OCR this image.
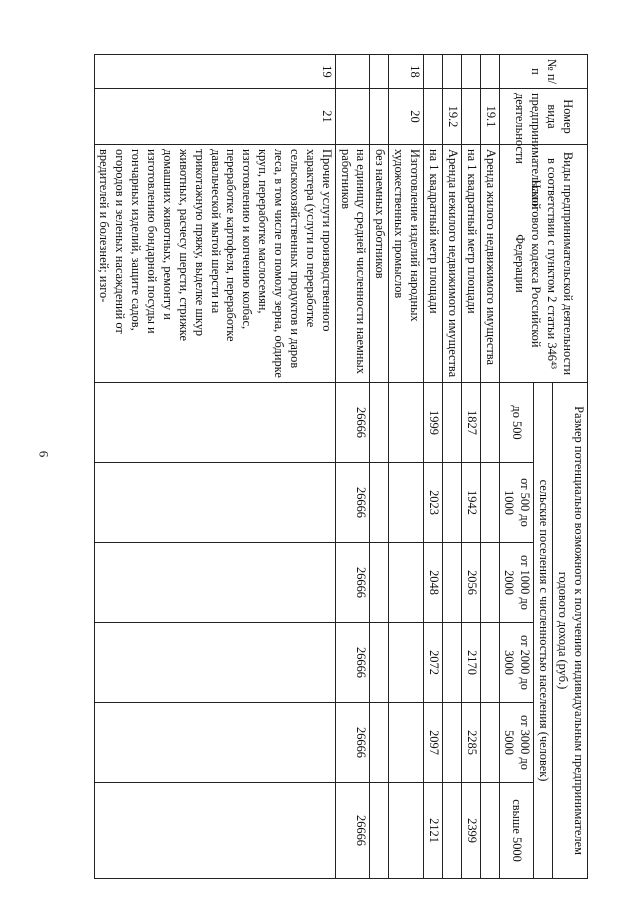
6
№ п/п	Номер вида предпринимательской деятельности	Виды предпринимательской деятельности в соответствии с пунктом 2 статьи 346⁴³ Налогового кодекса Российской Федерации	Размер потенциально возможного к получению индивидуальным предпринимателем годового дохода (руб.)					
			сельские поселения с численностью населения (человек)					
			до 500	от 500 до 1000	от 1000 до 2000	от 2000 до 3000	от 3000 до 5000	свыше 5000
	19.1	Аренда жилого недвижимого имущества						
		на 1 квадратный метр площади	1827	1942	2056	2170	2285	2399
	19.2	Аренда нежилого недвижимого имущества						
		на 1 квадратный метр площади	1999	2023	2048	2072	2097	2121
18	20	Изготовление изделий народных художественных промыслов						
		без наемных работников						
		на единицу средней численности наемных работников	26666	26666	26666	26666	26666	26666
19	21	Прочие услуги производственного характера (услуги по переработке сельскохозяйственных продуктов и даров леса, в том числе по помолу зерна, обдирке круп, переработке маслосемян, изготовлению и копчению колбас, переработке картофеля, переработке давальческой мытой шерсти на трикотажную пряжу, выделке шкур животных, расчесу шерсти, стрижке домашних животных, ремонту и изготовлению бондарной посуды и гончарных изделий, защите садов, огородов и зеленых насаждений от вредителей и болезней; изго-						
